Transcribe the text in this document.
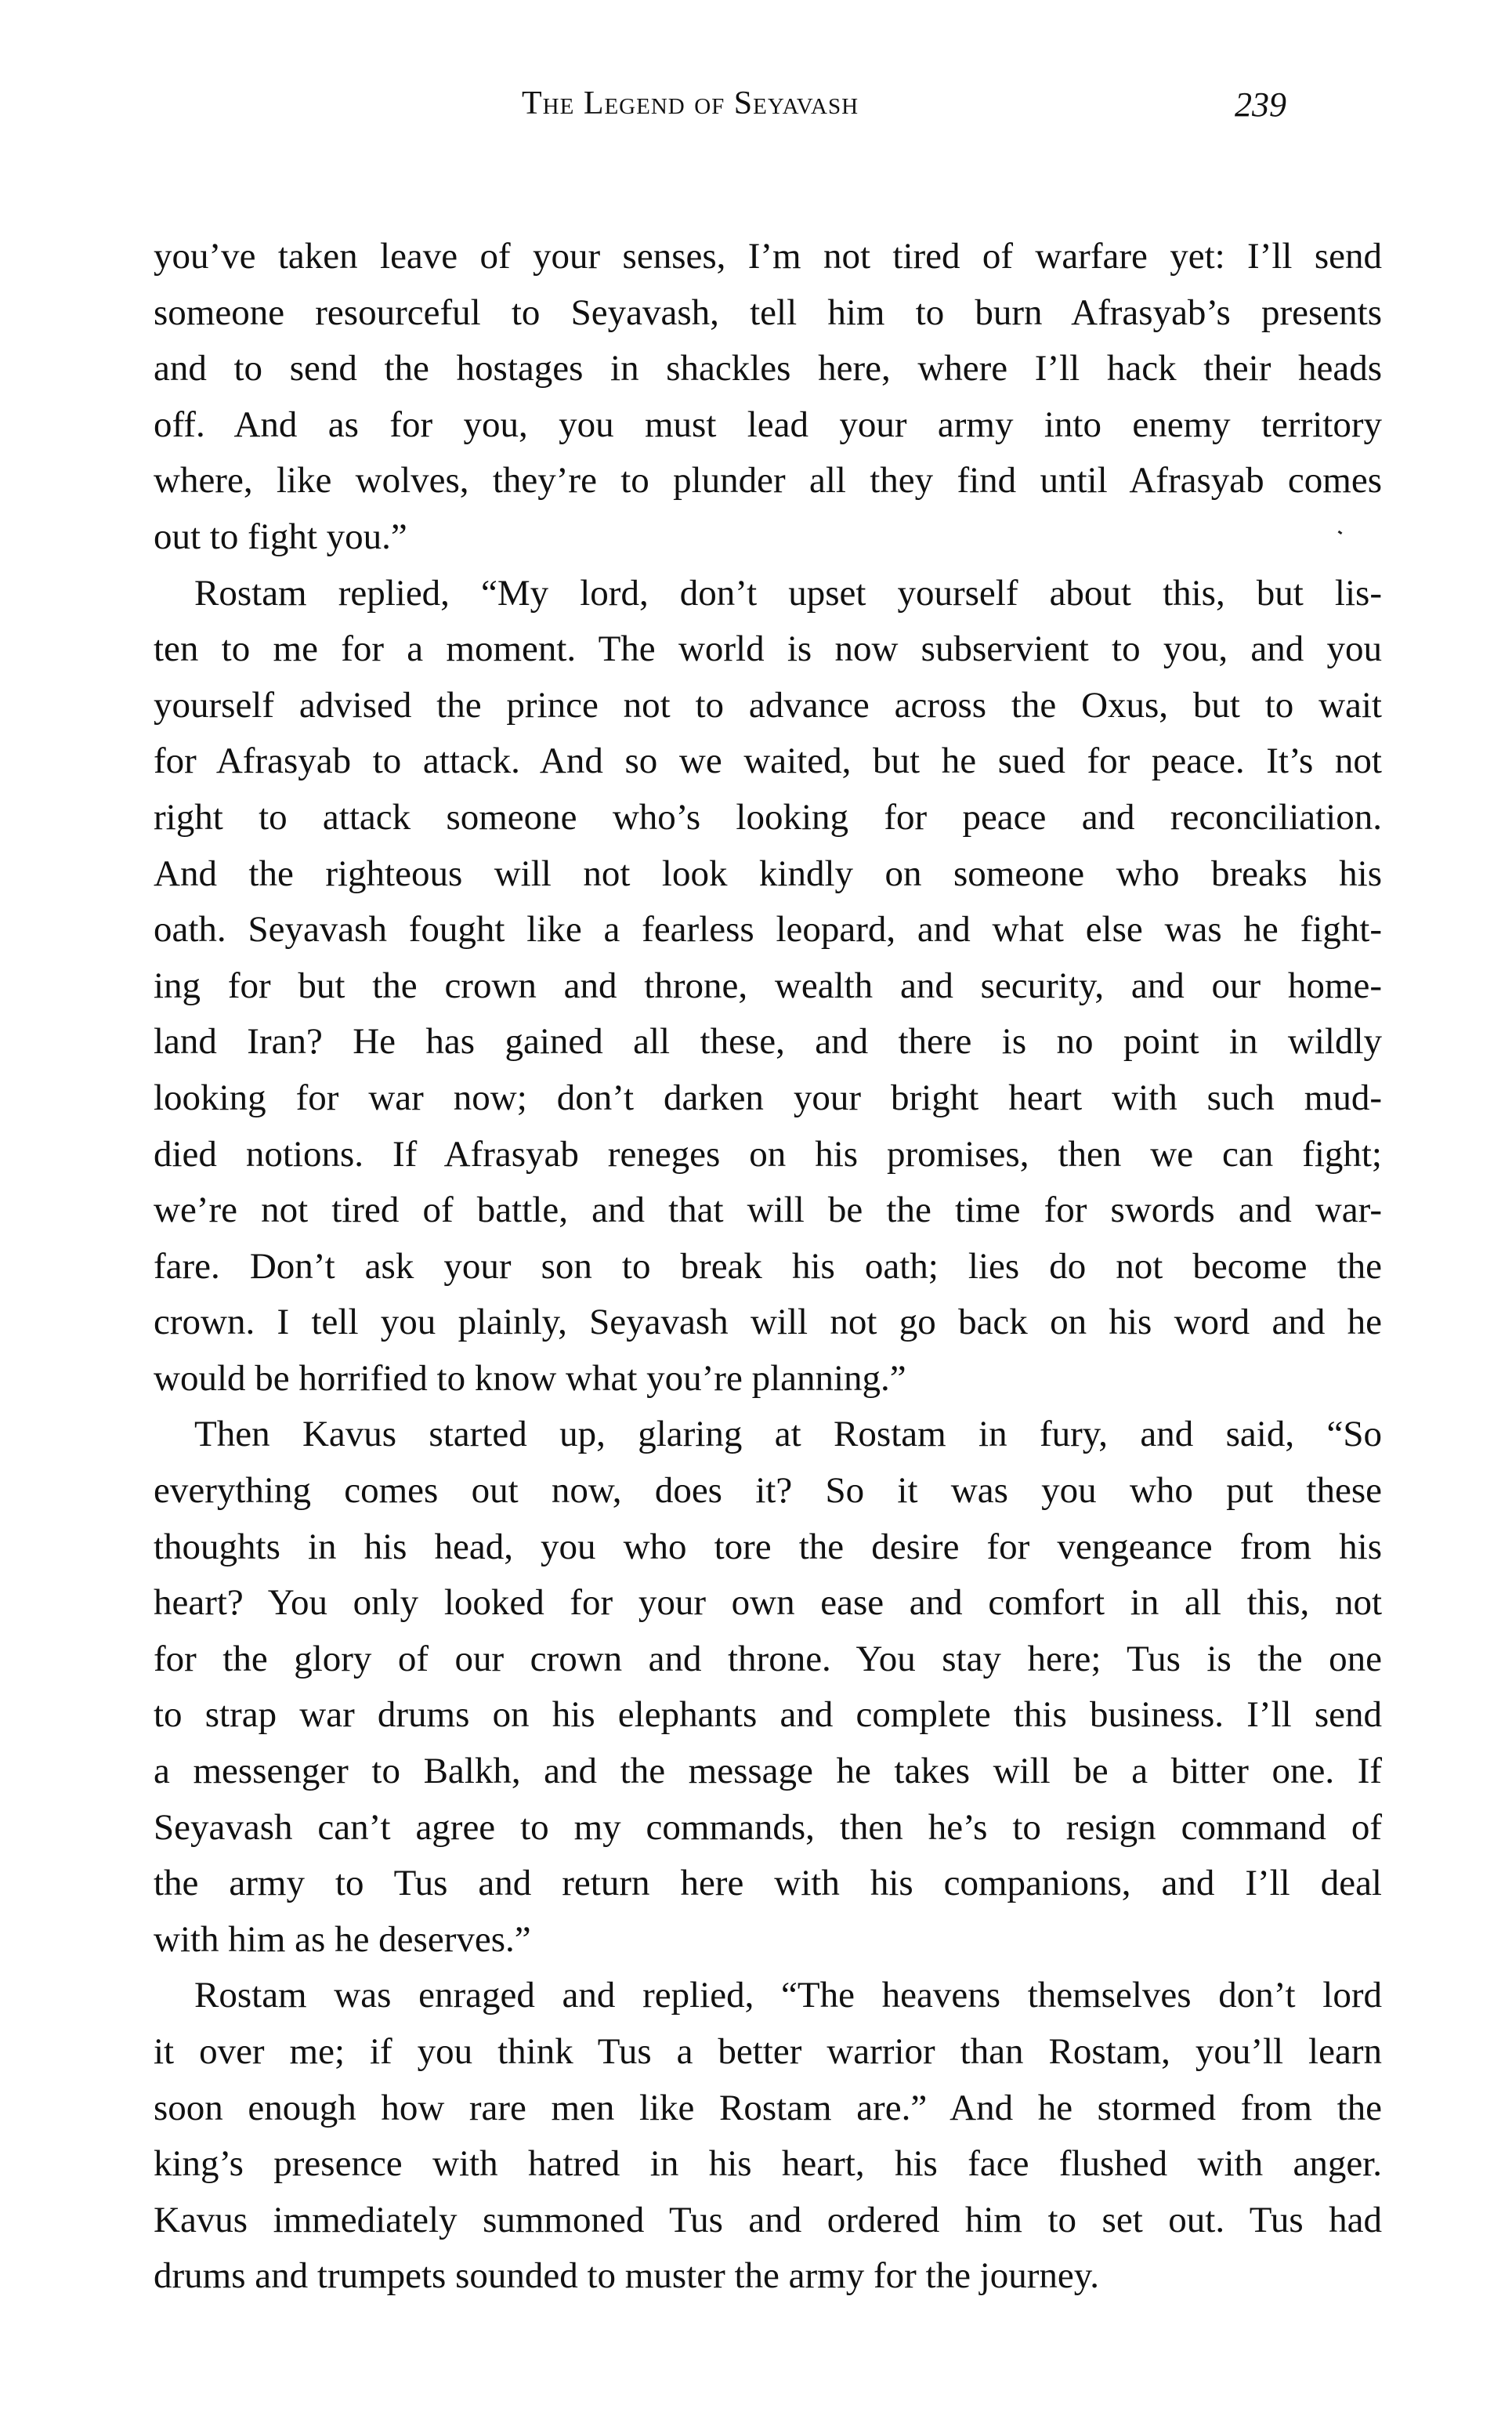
The Legend of Seyavash	239
you’ve taken leave of your senses, I’m not tired of warfare yet: I’ll send
someone resourceful to Seyavash, tell him to burn Afrasyab’s presents
and to send the hostages in shackles here, where I’ll hack their heads
off. And as for you, you must lead your army into enemy territory
where, like wolves, they’re to plunder all they find until Afrasyab comes
out to fight you.”
Rostam replied, “My lord, don’t upset yourself about this, but lis-
ten to me for a moment. The world is now subservient to you, and you
yourself advised the prince not to advance across the Oxus, but to wait
for Afrasyab to attack. And so we waited, but he sued for peace. It’s not
right to attack someone who’s looking for peace and reconciliation.
And the righteous will not look kindly on someone who breaks his
oath. Seyavash fought like a fearless leopard, and what else was he fight-
ing for but the crown and throne, wealth and security, and our home-
land Iran? He has gained all these, and there is no point in wildly
looking for war now; don’t darken your bright heart with such mud-
died notions. If Afrasyab reneges on his promises, then we can fight;
we’re not tired of battle, and that will be the time for swords and war-
fare. Don’t ask your son to break his oath; lies do not become the
crown. I tell you plainly, Seyavash will not go back on his word and he
would be horrified to know what you’re planning.”
Then Kavus started up, glaring at Rostam in fury, and said, “So
everything comes out now, does it? So it was you who put these
thoughts in his head, you who tore the desire for vengeance from his
heart? You only looked for your own ease and comfort in all this, not
for the glory of our crown and throne. You stay here; Tus is the one
to strap war drums on his elephants and complete this business. I’ll send
a messenger to Balkh, and the message he takes will be a bitter one. If
Seyavash can’t agree to my commands, then he’s to resign command of
the army to Tus and return here with his companions, and I’ll deal
with him as he deserves.”
Rostam was enraged and replied, “The heavens themselves don’t lord
it over me; if you think Tus a better warrior than Rostam, you’ll learn
soon enough how rare men like Rostam are.” And he stormed from the
king’s presence with hatred in his heart, his face flushed with anger.
Kavus immediately summoned Tus and ordered him to set out. Tus had
drums and trumpets sounded to muster the army for the journey.
